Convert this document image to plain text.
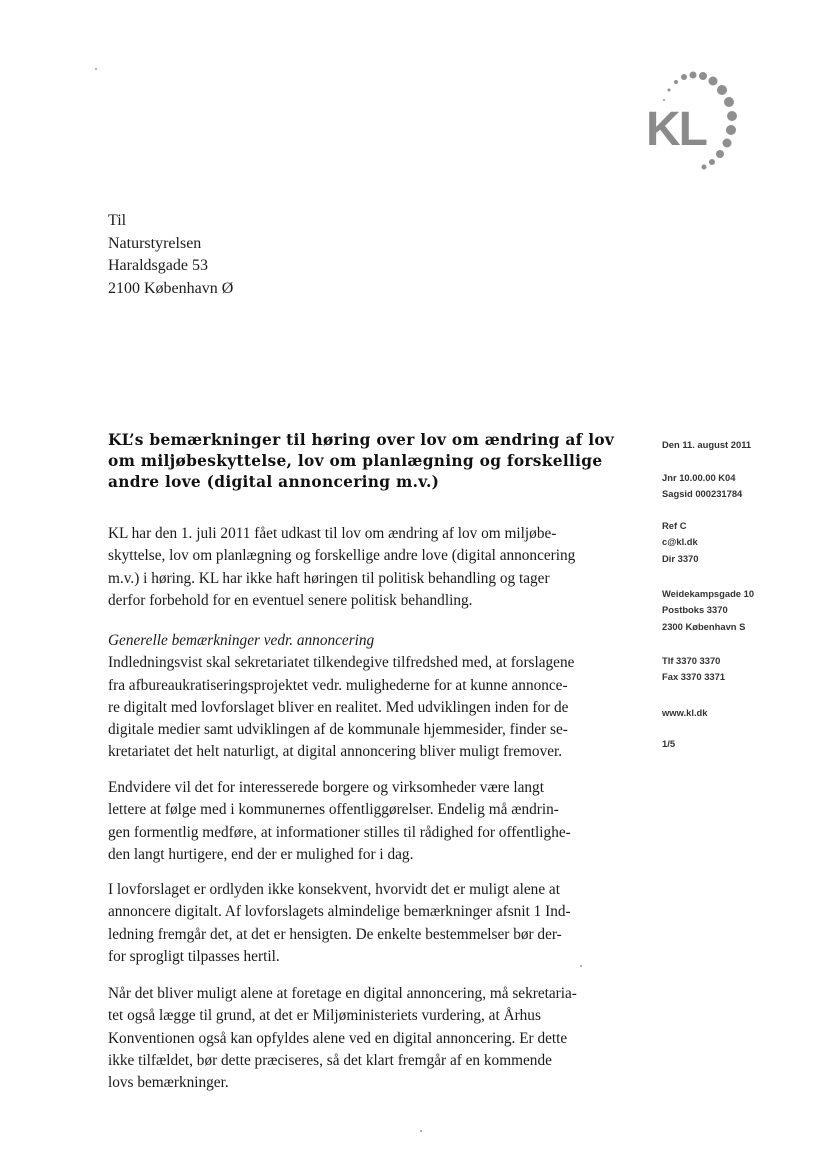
KL
Til
Naturstyrelsen
Haraldsgade 53
2100 København Ø
KL’s bemærkninger til høring over lov om ændring af lov
om miljøbeskyttelse, lov om planlægning og forskellige
andre love (digital annoncering m.v.)
Den 11. august 2011
Jnr 10.00.00 K04
Sagsid 000231784
Ref C
c@kl.dk
Dir 3370
Weidekampsgade 10
Postboks 3370
2300 København S
Tlf 3370 3370
Fax 3370 3371
www.kl.dk
1/5
KL har den 1. juli 2011 fået udkast til lov om ændring af lov om miljøbe-
skyttelse, lov om planlægning og forskellige andre love (digital annoncering
m.v.) i høring. KL har ikke haft høringen til politisk behandling og tager
derfor forbehold for en eventuel senere politisk behandling.
Generelle bemærkninger vedr. annoncering
Indledningsvist skal sekretariatet tilkendegive tilfredshed med, at forslagene
fra afbureaukratiseringsprojektet vedr. mulighederne for at kunne annonce-
re digitalt med lovforslaget bliver en realitet. Med udviklingen inden for de
digitale medier samt udviklingen af de kommunale hjemmesider, finder se-
kretariatet det helt naturligt, at digital annoncering bliver muligt fremover.
Endvidere vil det for interesserede borgere og virksomheder være langt
lettere at følge med i kommunernes offentliggørelser. Endelig må ændrin-
gen formentlig medføre, at informationer stilles til rådighed for offentlighe-
den langt hurtigere, end der er mulighed for i dag.
I lovforslaget er ordlyden ikke konsekvent, hvorvidt det er muligt alene at
annoncere digitalt. Af lovforslagets almindelige bemærkninger afsnit 1 Ind-
ledning fremgår det, at det er hensigten. De enkelte bestemmelser bør der-
for sprogligt tilpasses hertil.
Når det bliver muligt alene at foretage en digital annoncering, må sekretaria-
tet også lægge til grund, at det er Miljøministeriets vurdering, at Århus
Konventionen også kan opfyldes alene ved en digital annoncering. Er dette
ikke tilfældet, bør dette præciseres, så det klart fremgår af en kommende
lovs bemærkninger.
